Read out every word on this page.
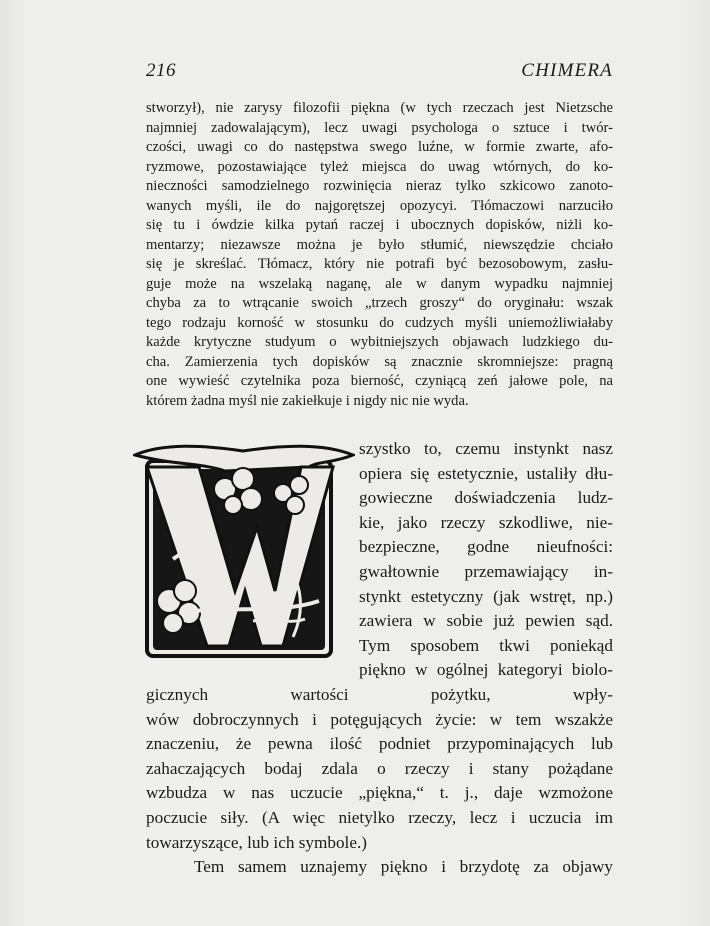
216	CHIMERA
stworzył), nie zarysy filozofii piękna (w tych rzeczach jest Nietzsche
najmniej zadowalającym), lecz uwagi psychologa o sztuce i twór-
czości, uwagi co do następstwa swego luźne, w formie zwarte, afo-
ryzmowe, pozostawiające tyleż miejsca do uwag wtórnych, do ko-
nieczności samodzielnego rozwinięcia nieraz tylko szkicowo zanoto-
wanych myśli, ile do najgorętszej opozycyi. Tłómaczowi narzuciło
się tu i ówdzie kilka pytań raczej i ubocznych dopisków, niżli ko-
mentarzy; niezawsze można je było stłumić, niewszędzie chciało
się je skreślać. Tłómacz, który nie potrafi być bezosobowym, zasłu-
guje może na wszelaką naganę, ale w danym wypadku najmniej
chyba za to wtrącanie swoich „trzech groszy“ do oryginału: wszak
tego rodzaju korność w stosunku do cudzych myśli uniemożliwiałaby
każde krytyczne studyum o wybitniejszych objawach ludzkiego du-
cha. Zamierzenia tych dopisków są znacznie skromniejsze: pragną
one wywieść czytelnika poza bierność, czyniącą zeń jałowe pole, na
którem żadna myśl nie zakiełkuje i nigdy nic nie wyda.
szystko to, czemu instynkt nasz
opiera się estetycznie, ustaliły dłu-
gowieczne doświadczenia ludz-
kie, jako rzeczy szkodliwe, nie-
bezpieczne, godne nieufności:
gwałtownie przemawiający in-
stynkt estetyczny (jak wstręt, np.)
zawiera w sobie już pewien sąd.
Tym sposobem tkwi poniekąd
piękno w ogólnej kategoryi biolo-
gicznych wartości pożytku, wpły-
wów dobroczynnych i potęgujących życie: w tem wszakże
znaczeniu, że pewna ilość podniet przypominających lub
zahaczających bodaj zdala o rzeczy i stany pożądane
wzbudza w nas uczucie „piękna,“ t. j., daje wzmożone
poczucie siły. (A więc nietylko rzeczy, lecz i uczucia im
towarzyszące, lub ich symbole.)
Tem samem uznajemy piękno i brzydotę za objawy
